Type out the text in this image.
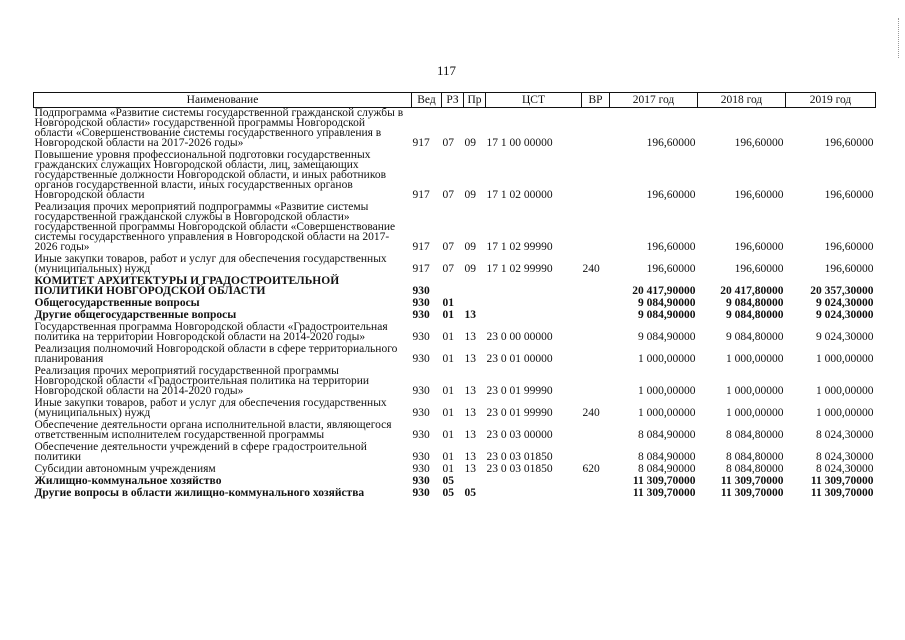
117
Наименование	Вед	РЗ	Пр	ЦСТ	ВР	2017 год	2018 год	2019 год
Подпрограмма «Развитие системы государственной гражданской службы в Новгородской области» государственной программы Новгородской области «Совершенствование системы государственного управления в Новгородской области на 2017-2026 годы»	917	07	09	17 1 00 00000		196,60000	196,60000	196,60000
Повышение уровня профессиональной подготовки государственных гражданских служащих Новгородской области, лиц, замещающих государственные должности Новгородской области, и иных работников органов государственной власти, иных государственных органов Новгородской области	917	07	09	17 1 02 00000		196,60000	196,60000	196,60000
Реализация прочих мероприятий подпрограммы «Развитие системы государственной гражданской службы в Новгородской области» государственной программы Новгородской области «Совершенствование системы государственного управления в Новгородской области на 2017-2026 годы»	917	07	09	17 1 02 99990		196,60000	196,60000	196,60000
Иные закупки товаров, работ и услуг для обеспечения государственных (муниципальных) нужд	917	07	09	17 1 02 99990	240	196,60000	196,60000	196,60000
КОМИТЕТ АРХИТЕКТУРЫ И ГРАДОСТРОИТЕЛЬНОЙ ПОЛИТИКИ НОВГОРОДСКОЙ ОБЛАСТИ	930					20 417,90000	20 417,80000	20 357,30000
Общегосударственные вопросы	930	01				9 084,90000	9 084,80000	9 024,30000
Другие общегосударственные вопросы	930	01	13			9 084,90000	9 084,80000	9 024,30000
Государственная программа Новгородской области «Градостроительная политика на территории Новгородской области на 2014-2020 годы»	930	01	13	23 0 00 00000		9 084,90000	9 084,80000	9 024,30000
Реализация полномочий Новгородской области в сфере территориального планирования	930	01	13	23 0 01 00000		1 000,00000	1 000,00000	1 000,00000
Реализация прочих мероприятий государственной программы Новгородской области «Градостроительная политика на территории Новгородской области на 2014-2020 годы»	930	01	13	23 0 01 99990		1 000,00000	1 000,00000	1 000,00000
Иные закупки товаров, работ и услуг для обеспечения государственных (муниципальных) нужд	930	01	13	23 0 01 99990	240	1 000,00000	1 000,00000	1 000,00000
Обеспечение деятельности органа исполнительной власти, являющегося ответственным исполнителем государственной программы	930	01	13	23 0 03 00000		8 084,90000	8 084,80000	8 024,30000
Обеспечение деятельности учреждений в сфере градостроительной политики	930	01	13	23 0 03 01850		8 084,90000	8 084,80000	8 024,30000
Субсидии автономным учреждениям	930	01	13	23 0 03 01850	620	8 084,90000	8 084,80000	8 024,30000
Жилищно-коммунальное хозяйство	930	05				11 309,70000	11 309,70000	11 309,70000
Другие вопросы в области жилищно-коммунального хозяйства	930	05	05			11 309,70000	11 309,70000	11 309,70000
